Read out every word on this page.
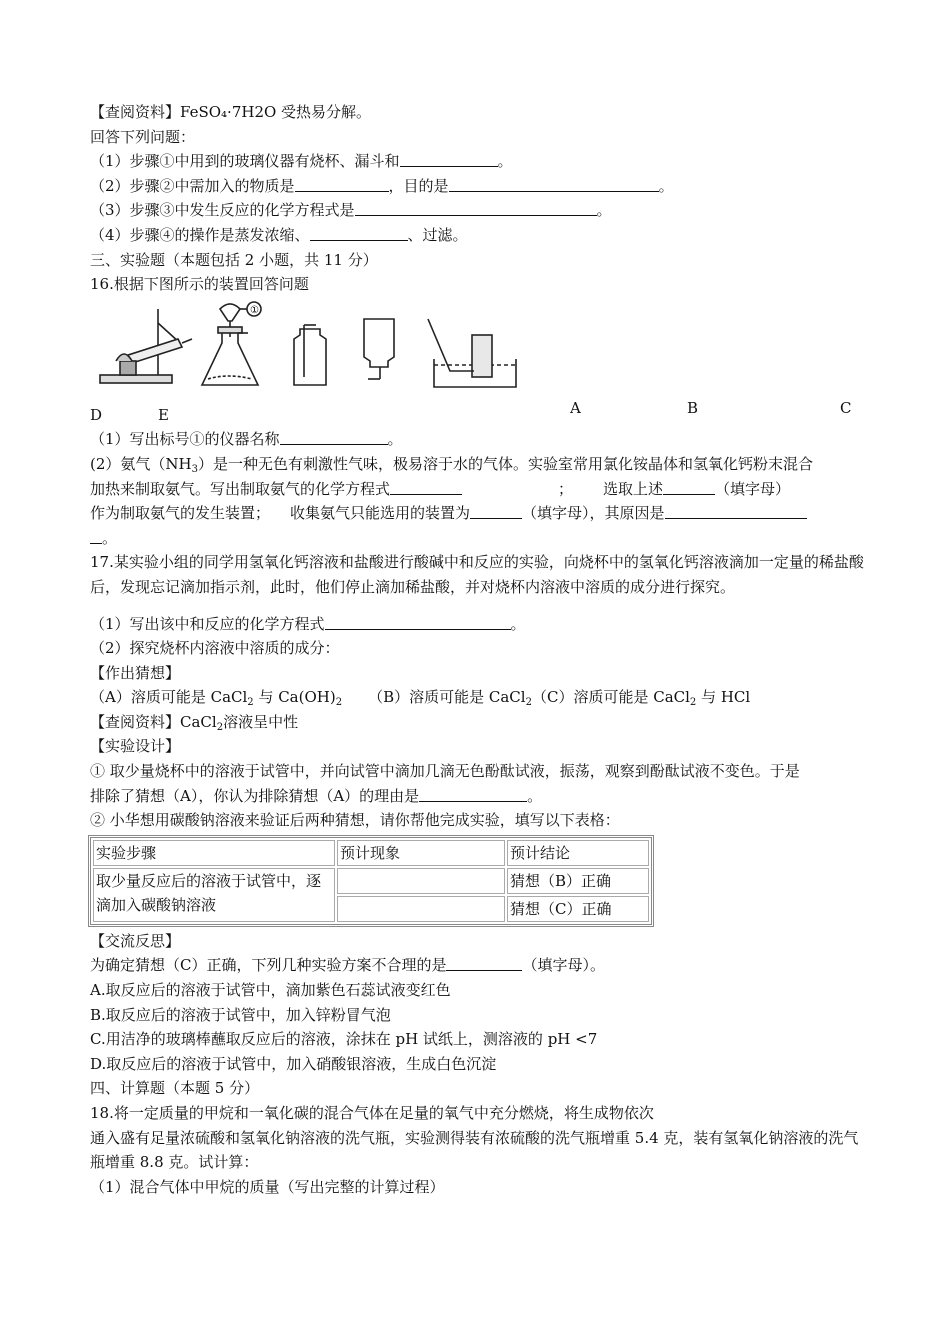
【查阅资料】FeSO₄·7H2O 受热易分解。
回答下列问题：
（1）步骤①中用到的玻璃仪器有烧杯、漏斗和	。
（2）步骤②中需加入的物质是	，目的是	。
（3）步骤③中发生反应的化学方程式是	。
（4）步骤④的操作是蒸发浓缩、	、过滤。
三、实验题（本题包括 2 小题，共 11 分）
16.根据下图所示的装置回答问题
①
A	B	C
D	E
（1）写出标号①的仪器名称	。
(2）氨气$(NH_3)$是一种无色有刺激性气味，极易溶于水的气体。实验室常用氯化铵晶体和氢氧化钙粉末混合
加热来制取氨气。写出制取氨气的化学方程式	； 选取上述	（填字母）
作为制取氨气的发生装置； 收集氨气只能选用的装置为	（填字母），其原因是
。
17.某实验小组的同学用氢氧化钙溶液和盐酸进行酸碱中和反应的实验，向烧杯中的氢氧化钙溶液滴加一定量的稀盐酸后，发现忘记滴加指示剂，此时，他们停止滴加稀盐酸，并对烧杯内溶液中溶质的成分进行探究。
（1）写出该中和反应的化学方程式	。
（2）探究烧杯内溶液中溶质的成分：
【作出猜想】
（A）溶质可能是 CaCl$_2$ 与 $Ca(OH)_2$ （B）溶质可能是 CaCl$_2$（C）溶质可能是 CaCl$_2$ 与 HCl
【查阅资料】CaCl$_2$溶液呈中性
【实验设计】
① 取少量烧杯中的溶液于试管中，并向试管中滴加几滴无色酚酞试液，振荡，观察到酚酞试液不变色。于是
排除了猜想（A），你认为排除猜想（A）的理由是	。
② 小华想用碳酸钠溶液来验证后两种猜想，请你帮他完成实验，填写以下表格：
实验步骤	预计现象	预计结论
取少量反应后的溶液于试管中，逐滴加入碳酸钠溶液		猜想（B）正确
		猜想（C）正确
【交流反思】
为确定猜想（C）正确，下列几种实验方案不合理的是	（填字母）。
A.取反应后的溶液于试管中，滴加紫色石蕊试液变红色
B.取反应后的溶液于试管中，加入锌粉冒气泡
C.用洁净的玻璃棒蘸取反应后的溶液，涂抹在 pH 试纸上，测溶液的 pH <7
D.取反应后的溶液于试管中，加入硝酸银溶液，生成白色沉淀
四、计算题（本题 5 分）
18.将一定质量的甲烷和一氧化碳的混合气体在足量的氧气中充分燃烧，将生成物依次
通入盛有足量浓硫酸和氢氧化钠溶液的洗气瓶，实验测得装有浓硫酸的洗气瓶增重 5.4 克，装有氢氧化钠溶液的洗气瓶增重 8.8 克。试计算：
（1）混合气体中甲烷的质量（写出完整的计算过程）
